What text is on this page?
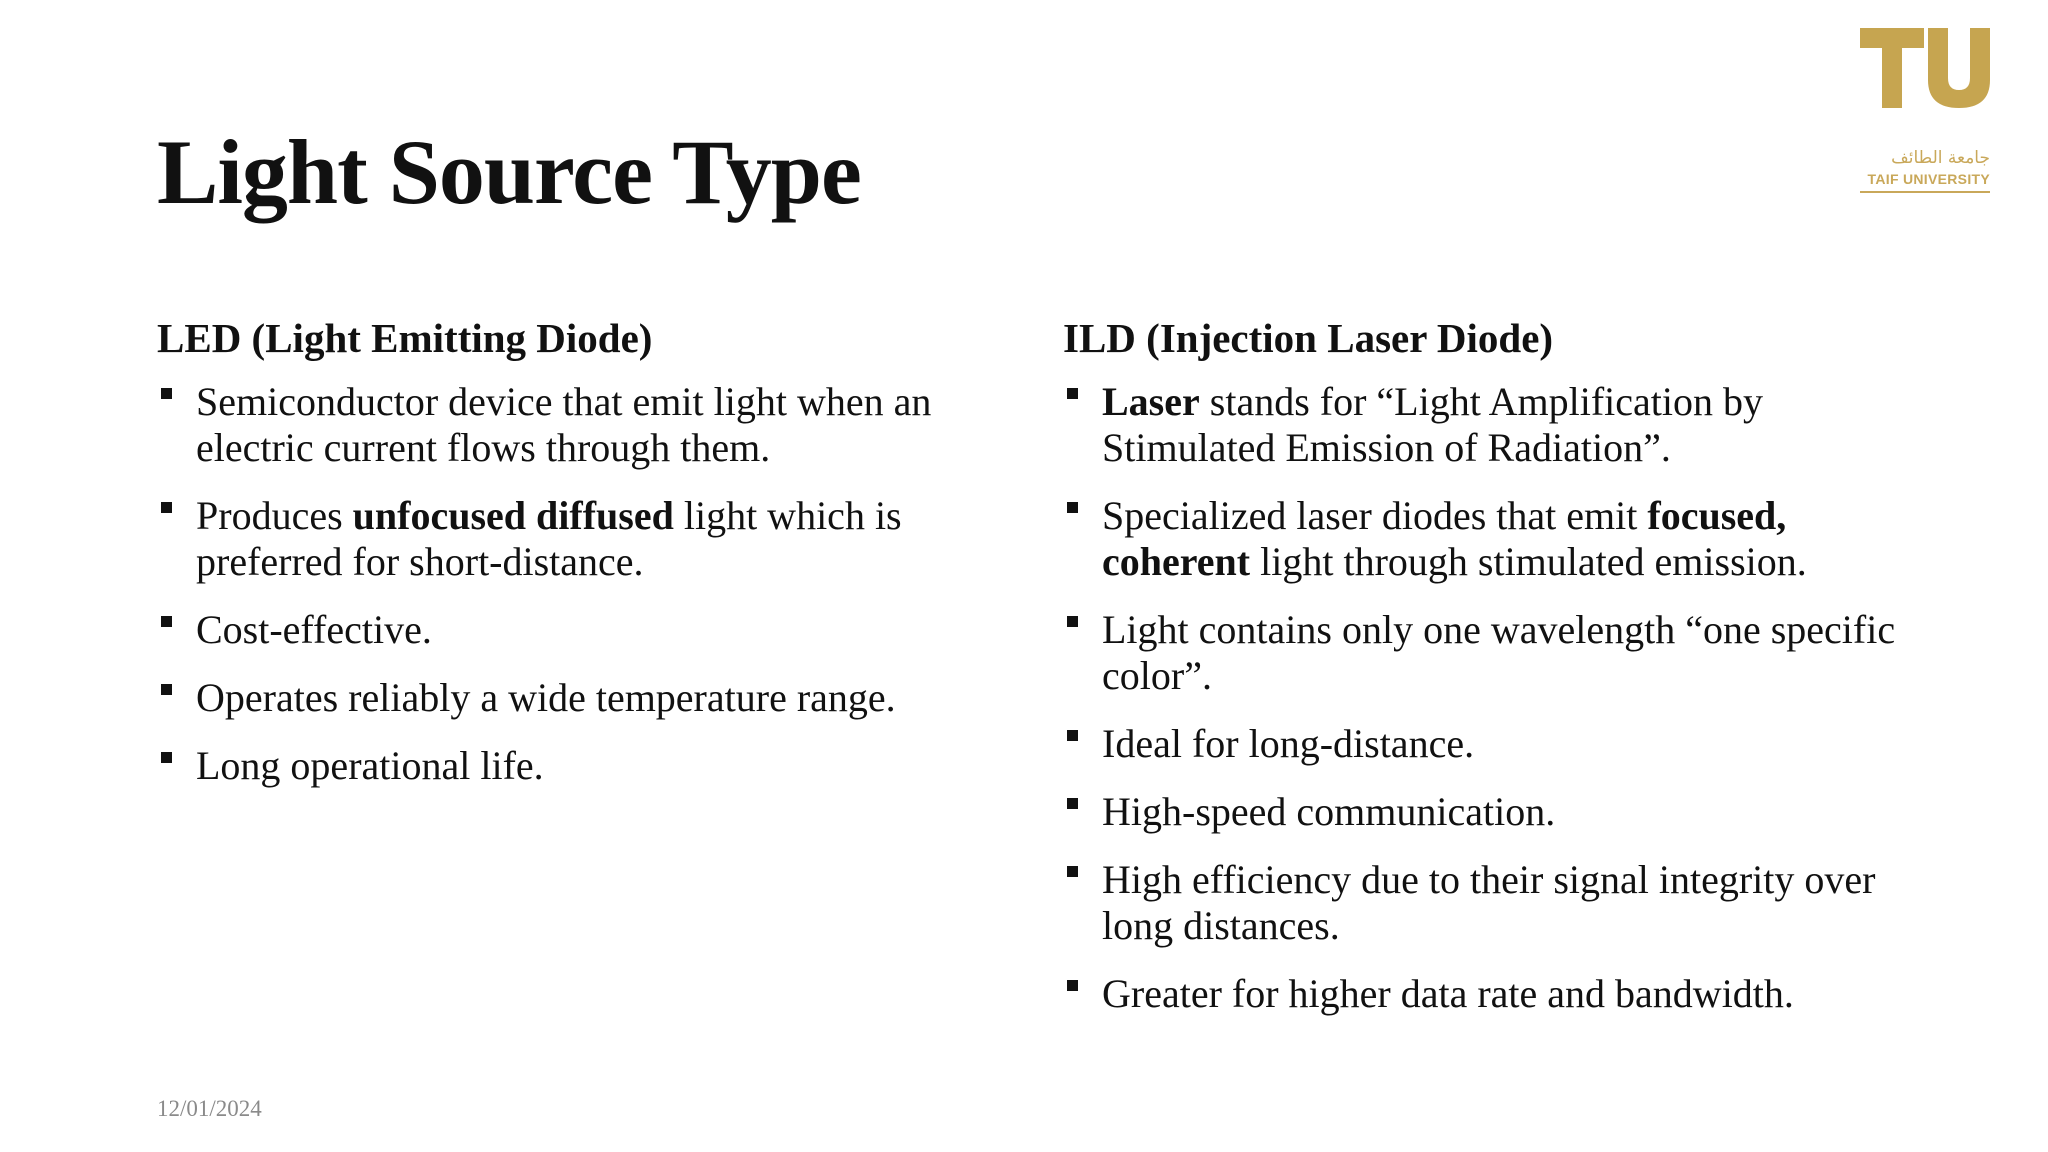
جامعة الطائف
TAIF UNIVERSITY
Light Source Type
LED (Light Emitting Diode)
Semiconductor device that emit light when an electric current flows through them.
Produces unfocused diffused light which is preferred for short-distance.
Cost-effective.
Operates reliably a wide temperature range.
Long operational life.
ILD (Injection Laser Diode)
Laser stands for “Light Amplification by Stimulated Emission of Radiation”.
Specialized laser diodes that emit focused, coherent light through stimulated emission.
Light contains only one wavelength “one specific color”.
Ideal for long-distance.
High-speed communication.
High efficiency due to their signal integrity over long distances.
Greater for higher data rate and bandwidth.
12/01/2024
